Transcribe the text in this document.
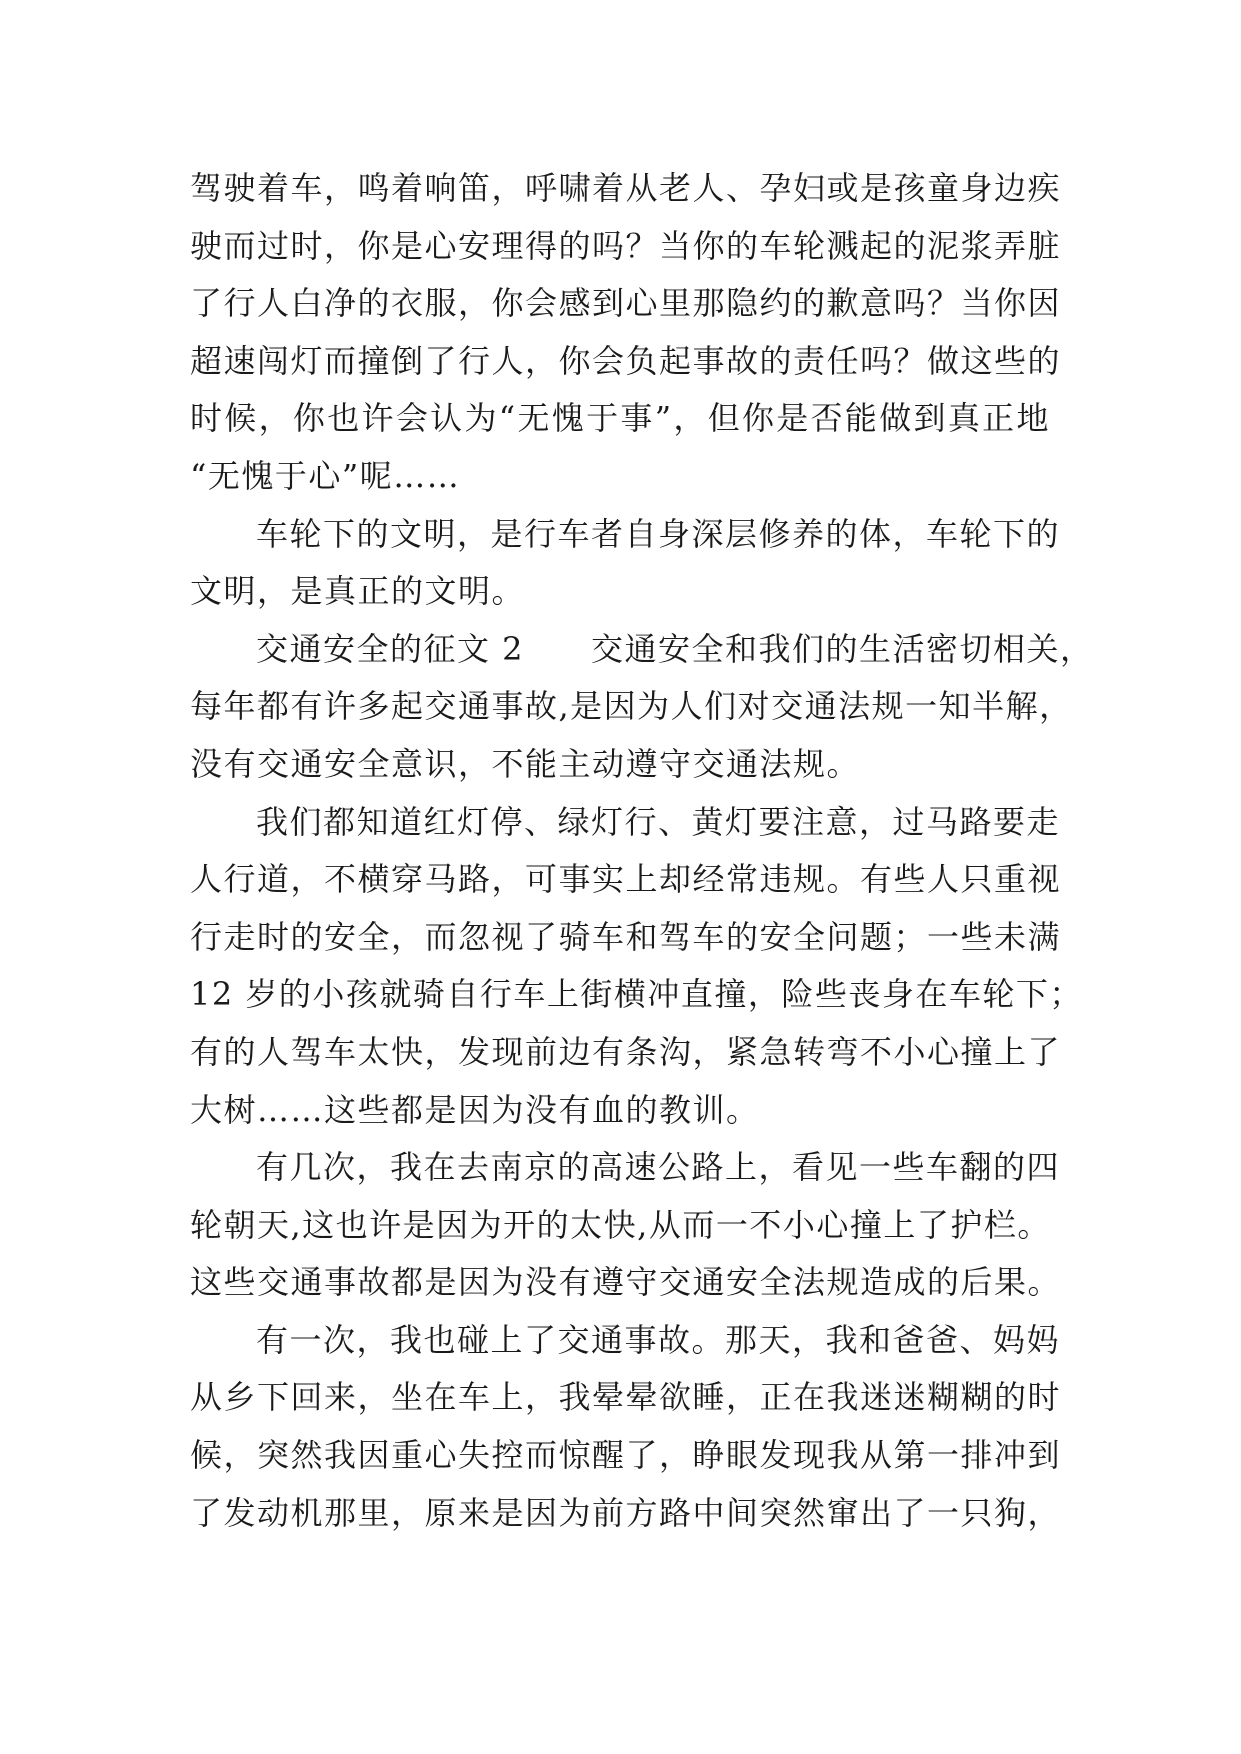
驾驶着车，鸣着响笛，呼啸着从老人、孕妇或是孩童身边疾
驶而过时，你是心安理得的吗？当你的车轮溅起的泥浆弄脏
了行人白净的衣服，你会感到心里那隐约的歉意吗？当你因
超速闯灯而撞倒了行人，你会负起事故的责任吗？做这些的
时候，你也许会认为“无愧于事”，但你是否能做到真正地
“无愧于心”呢……
车轮下的文明，是行车者自身深层修养的体，车轮下的
文明，是真正的文明。
交通安全的征文 2　　交通安全和我们的生活密切相关，
每年都有许多起交通事故,是因为人们对交通法规一知半解，
没有交通安全意识，不能主动遵守交通法规。
我们都知道红灯停、绿灯行、黄灯要注意，过马路要走
人行道，不横穿马路，可事实上却经常违规。有些人只重视
行走时的安全，而忽视了骑车和驾车的安全问题；一些未满
12 岁的小孩就骑自行车上街横冲直撞，险些丧身在车轮下；
有的人驾车太快，发现前边有条沟，紧急转弯不小心撞上了
大树……这些都是因为没有血的教训。
有几次，我在去南京的高速公路上，看见一些车翻的四
轮朝天,这也许是因为开的太快,从而一不小心撞上了护栏。
这些交通事故都是因为没有遵守交通安全法规造成的后果。
有一次，我也碰上了交通事故。那天，我和爸爸、妈妈
从乡下回来，坐在车上，我晕晕欲睡，正在我迷迷糊糊的时
候，突然我因重心失控而惊醒了，睁眼发现我从第一排冲到
了发动机那里，原来是因为前方路中间突然窜出了一只狗，
